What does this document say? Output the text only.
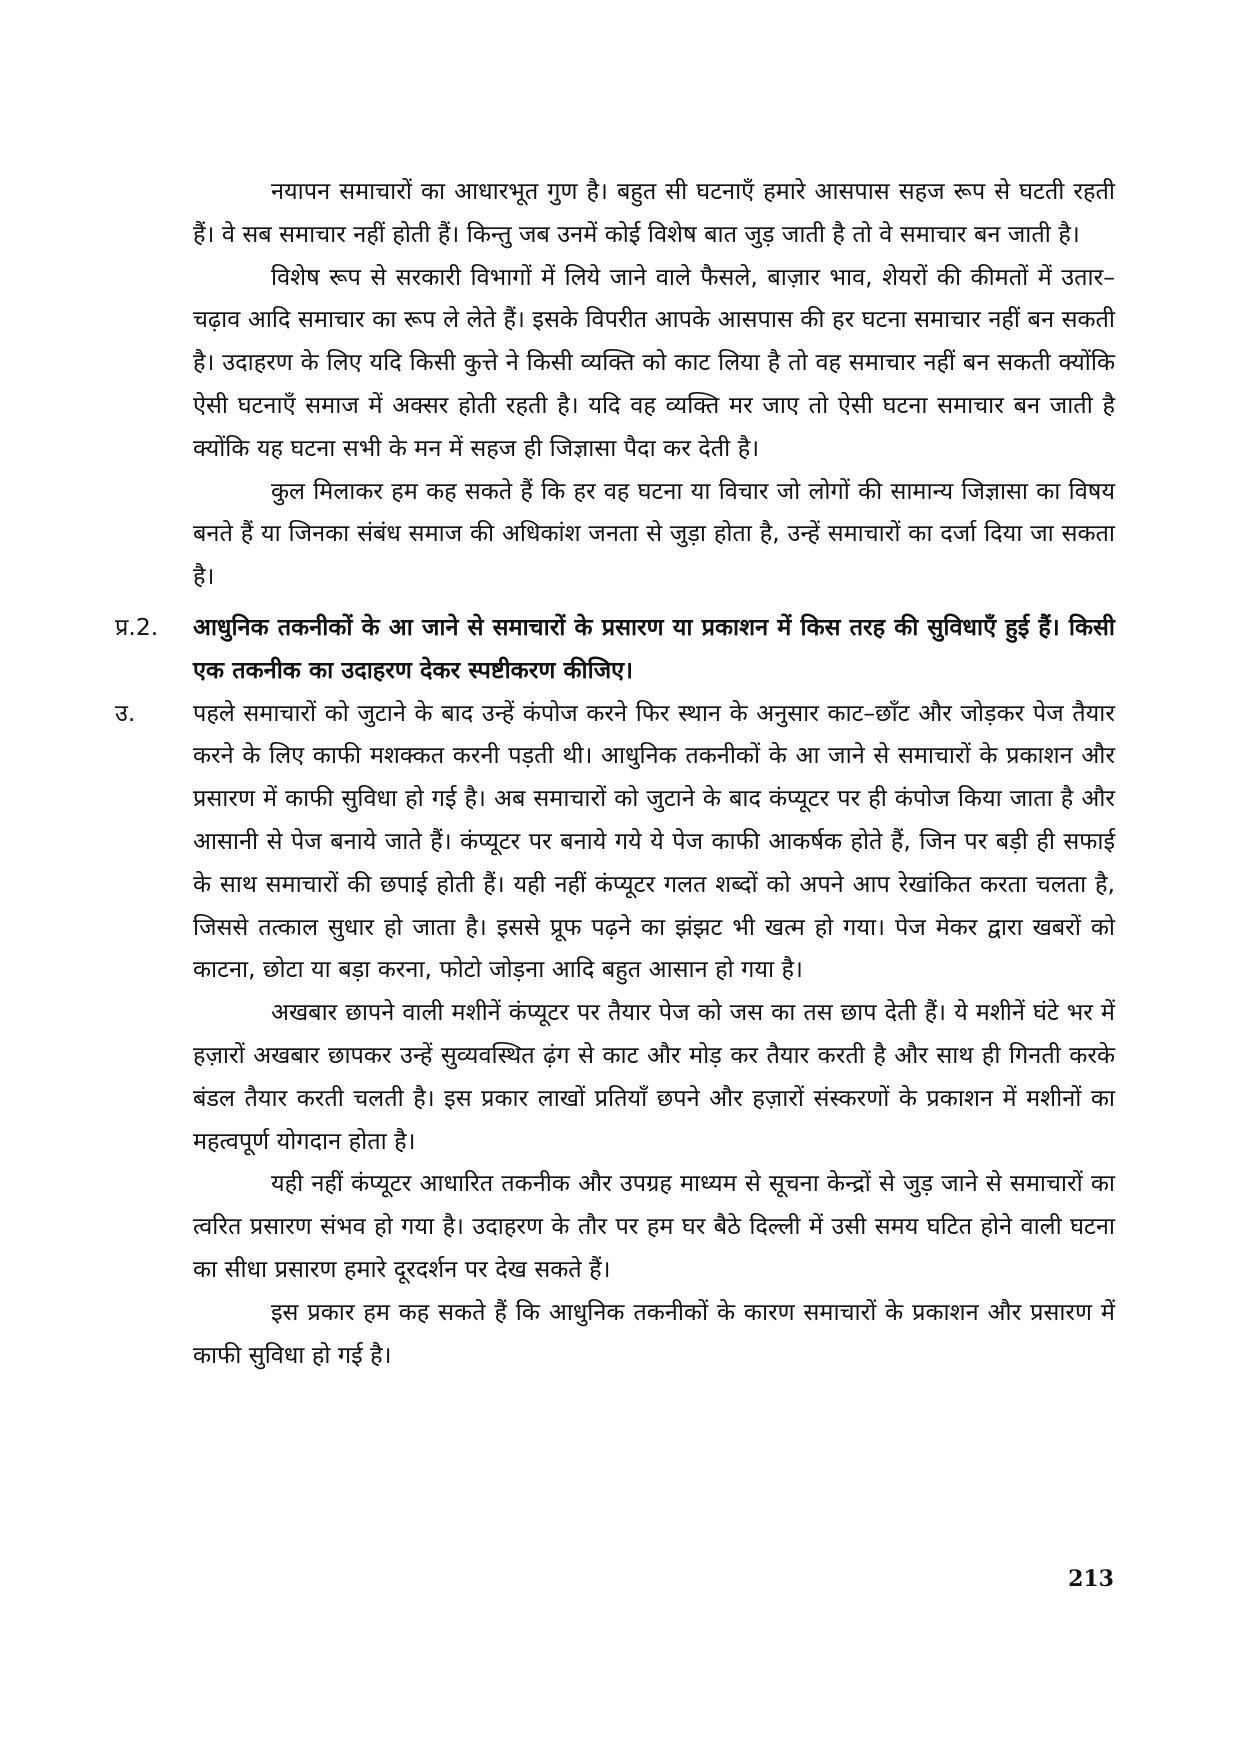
नयापन समाचारों का आधारभूत गुण है। बहुत सी घटनाएँ हमारे आसपास सहज रूप से घटती रहती हैं। वे सब समाचार नहीं होती हैं। किन्तु जब उनमें कोई विशेष बात जुड़ जाती है तो वे समाचार बन जाती है।

विशेष रूप से सरकारी विभागों में लिये जाने वाले फैसले, बाज़ार भाव, शेयरों की कीमतों में उतार–चढ़ाव आदि समाचार का रूप ले लेते हैं। इसके विपरीत आपके आसपास की हर घटना समाचार नहीं बन सकती है। उदाहरण के लिए यदि किसी कुत्ते ने किसी व्यक्ति को काट लिया है तो वह समाचार नहीं बन सकती क्योंकि ऐसी घटनाएँ समाज में अक्सर होती रहती है। यदि वह व्यक्ति मर जाए तो ऐसी घटना समाचार बन जाती है क्योंकि यह घटना सभी के मन में सहज ही जिज्ञासा पैदा कर देती है।

कुल मिलाकर हम कह सकते हैं कि हर वह घटना या विचार जो लोगों की सामान्य जिज्ञासा का विषय बनते हैं या जिनका संबंध समाज की अधिकांश जनता से जुड़ा होता है, उन्हें समाचारों का दर्जा दिया जा सकता है।

प्र.2.	आधुनिक तकनीकों के आ जाने से समाचारों के प्रसारण या प्रकाशन में किस तरह की सुविधाएँ हुई हैं। किसी एक तकनीक का उदाहरण देकर स्पष्टीकरण कीजिए।

उ.	पहले समाचारों को जुटाने के बाद उन्हें कंपोज करने फिर स्थान के अनुसार काट–छाँट और जोड़कर पेज तैयार करने के लिए काफी मशक्कत करनी पड़ती थी। आधुनिक तकनीकों के आ जाने से समाचारों के प्रकाशन और प्रसारण में काफी सुविधा हो गई है। अब समाचारों को जुटाने के बाद कंप्यूटर पर ही कंपोज किया जाता है और आसानी से पेज बनाये जाते हैं। कंप्यूटर पर बनाये गये ये पेज काफी आकर्षक होते हैं, जिन पर बड़ी ही सफाई के साथ समाचारों की छपाई होती हैं। यही नहीं कंप्यूटर गलत शब्दों को अपने आप रेखांकित करता चलता है, जिससे तत्काल सुधार हो जाता है। इससे प्रूफ पढ़ने का झंझट भी खत्म हो गया। पेज मेकर द्वारा खबरों को काटना, छोटा या बड़ा करना, फोटो जोड़ना आदि बहुत आसान हो गया है।

अखबार छापने वाली मशीनें कंप्यूटर पर तैयार पेज को जस का तस छाप देती हैं। ये मशीनें घंटे भर में हज़ारों अखबार छापकर उन्हें सुव्यवस्थित ढ़ंग से काट और मोड़ कर तैयार करती है और साथ ही गिनती करके बंडल तैयार करती चलती है। इस प्रकार लाखों प्रतियाँ छपने और हज़ारों संस्करणों के प्रकाशन में मशीनों का महत्वपूर्ण योगदान होता है।

यही नहीं कंप्यूटर आधारित तकनीक और उपग्रह माध्यम से सूचना केन्द्रों से जुड़ जाने से समाचारों का त्वरित प्रसारण संभव हो गया है। उदाहरण के तौर पर हम घर बैठे दिल्ली में उसी समय घटित होने वाली घटना का सीधा प्रसारण हमारे दूरदर्शन पर देख सकते हैं।

इस प्रकार हम कह सकते हैं कि आधुनिक तकनीकों के कारण समाचारों के प्रकाशन और प्रसारण में काफी सुविधा हो गई है।

213
